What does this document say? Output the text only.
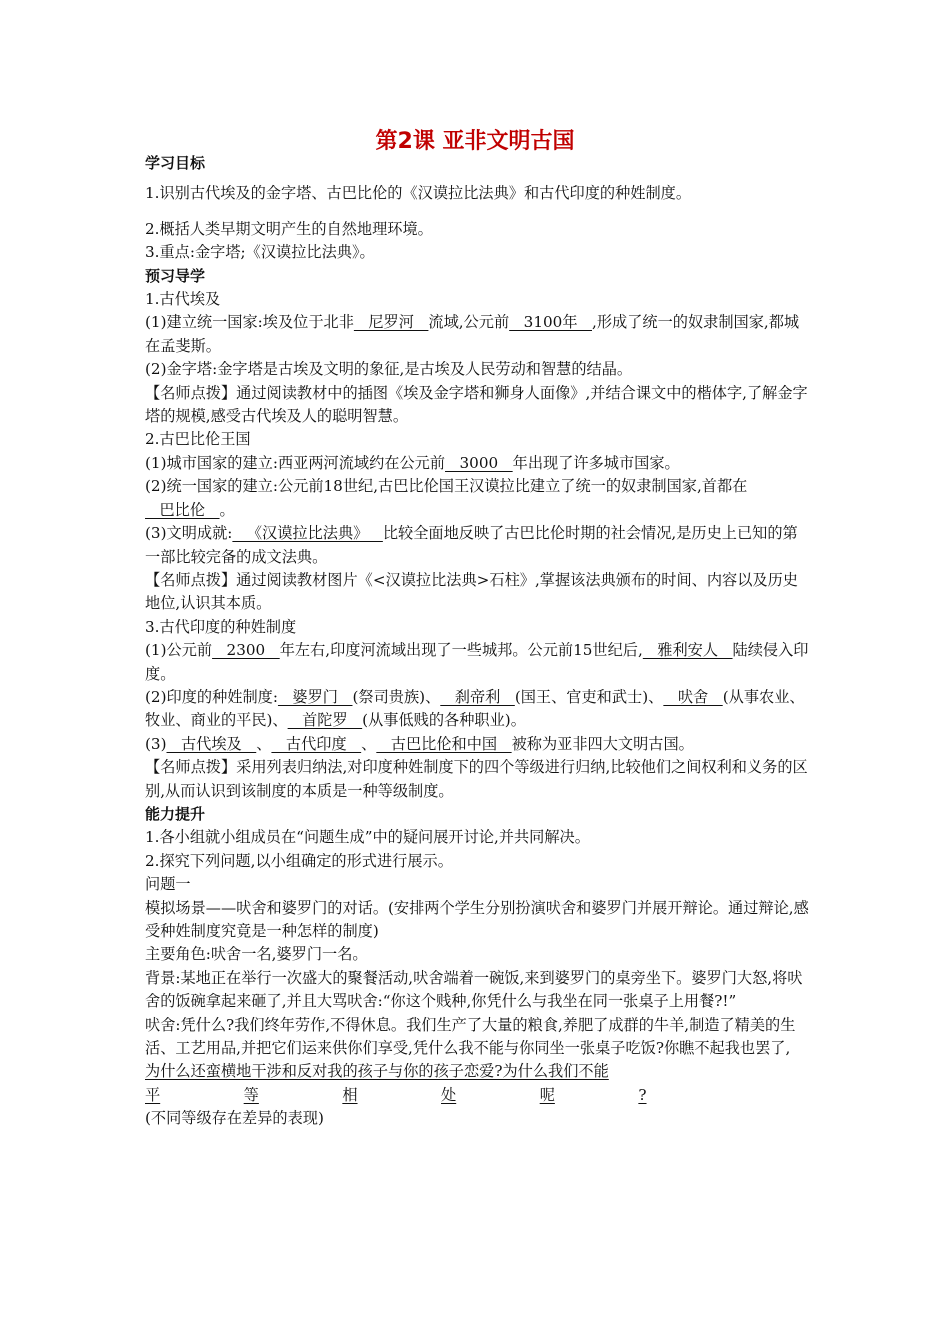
第2课 亚非文明古国

学习目标

1.识别古代埃及的金字塔、古巴比伦的《汉谟拉比法典》和古代印度的种姓制度。

2.概括人类早期文明产生的自然地理环境。

3.重点:金字塔;《汉谟拉比法典》。

预习导学

1.古代埃及

(1)建立统一国家:埃及位于北非   尼罗河   流域,公元前   3100年   ,形成了统一的奴隶制国家,都城在孟斐斯。

(2)金字塔:金字塔是古埃及文明的象征,是古埃及人民劳动和智慧的结晶。

【名师点拨】通过阅读教材中的插图《埃及金字塔和狮身人面像》,并结合课文中的楷体字,了解金字塔的规模,感受古代埃及人的聪明智慧。

2.古巴比伦王国

(1)城市国家的建立:西亚两河流域约在公元前   3000   年出现了许多城市国家。

(2)统一国家的建立:公元前18世纪,古巴比伦国王汉谟拉比建立了统一的奴隶制国家,首都在   巴比伦   。

(3)文明成就:   《汉谟拉比法典》   比较全面地反映了古巴比伦时期的社会情况,是历史上已知的第一部比较完备的成文法典。

【名师点拨】通过阅读教材图片《<汉谟拉比法典>石柱》,掌握该法典颁布的时间、内容以及历史地位,认识其本质。

3.古代印度的种姓制度

(1)公元前   2300   年左右,印度河流域出现了一些城邦。公元前15世纪后,   雅利安人   陆续侵入印度。

(2)印度的种姓制度:   婆罗门   (祭司贵族)、   刹帝利   (国王、官吏和武士)、   吠舍   (从事农业、牧业、商业的平民)、   首陀罗   (从事低贱的各种职业)。

(3)   古代埃及   、   古代印度   、   古巴比伦和中国   被称为亚非四大文明古国。

【名师点拨】采用列表归纳法,对印度种姓制度下的四个等级进行归纳,比较他们之间权利和义务的区别,从而认识到该制度的本质是一种等级制度。

能力提升

1.各小组就小组成员在“问题生成”中的疑问展开讨论,并共同解决。

2.探究下列问题,以小组确定的形式进行展示。

问题一

模拟场景——吠舍和婆罗门的对话。(安排两个学生分别扮演吠舍和婆罗门并展开辩论。通过辩论,感受种姓制度究竟是一种怎样的制度)

主要角色:吠舍一名,婆罗门一名。

背景:某地正在举行一次盛大的聚餐活动,吠舍端着一碗饭,来到婆罗门的桌旁坐下。婆罗门大怒,将吠舍的饭碗拿起来砸了,并且大骂吠舍:“你这个贱种,你凭什么与我坐在同一张桌子上用餐?!”

吠舍:凭什么?我们终年劳作,不得休息。我们生产了大量的粮食,养肥了成群的牛羊,制造了精美的生活、工艺用品,并把它们运来供你们享受,凭什么我不能与你同坐一张桌子吃饭?你瞧不起我也罢了, 为什么还蛮横地干涉和反对我的孩子与你的孩子恋爱?为什么我们不能

平	等	相	处	呢	?

(不同等级存在差异的表现)
